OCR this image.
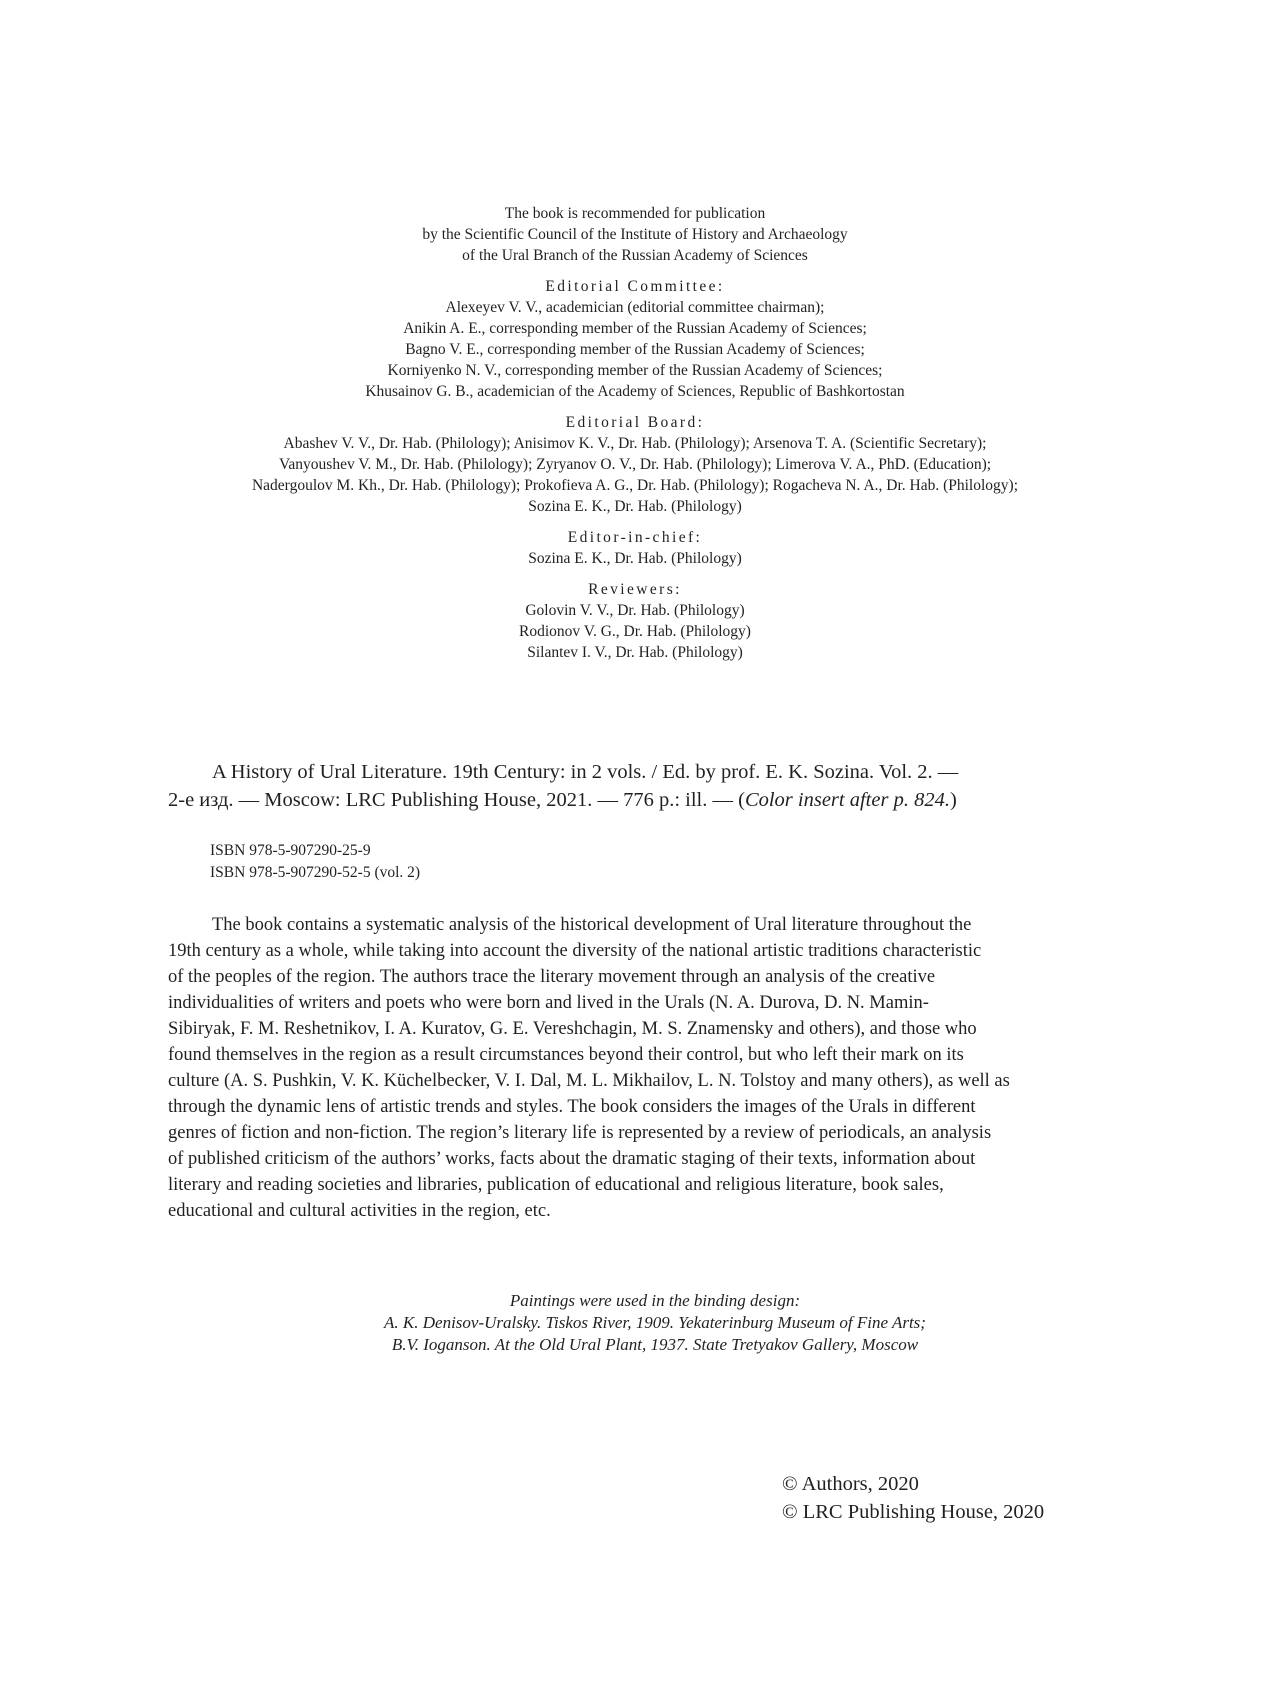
The book is recommended for publication
by the Scientific Council of the Institute of History and Archaeology
of the Ural Branch of the Russian Academy of Sciences
Editorial Committee:
Alexeyev V. V., academician (editorial committee chairman);
Anikin A. E., corresponding member of the Russian Academy of Sciences;
Bagno V. E., corresponding member of the Russian Academy of Sciences;
Korniyenko N. V., corresponding member of the Russian Academy of Sciences;
Khusainov G. B., academician of the Academy of Sciences, Republic of Bashkortostan
Editorial Board:
Abashev V. V., Dr. Hab. (Philology); Anisimov K. V., Dr. Hab. (Philology); Arsenova T. A. (Scientific Secretary);
Vanyoushev V. M., Dr. Hab. (Philology); Zyryanov O. V., Dr. Hab. (Philology); Limerova V. A., PhD. (Education);
Nadergoulov M. Kh., Dr. Hab. (Philology); Prokofieva A. G., Dr. Hab. (Philology); Rogacheva N. A., Dr. Hab. (Philology);
Sozina E. K., Dr. Hab. (Philology)
Editor-in-chief:
Sozina E. K., Dr. Hab. (Philology)
Reviewers:
Golovin V. V., Dr. Hab. (Philology)
Rodionov V. G., Dr. Hab. (Philology)
Silantev I. V., Dr. Hab. (Philology)
A History of Ural Literature. 19th Century: in 2 vols. / Ed. by prof. E. K. Sozina. Vol. 2. —
2-е изд. — Moscow: LRC Publishing House, 2021. — 776 p.: ill. — (Color insert after p. 824.)
ISBN 978-5-907290-25-9
ISBN 978-5-907290-52-5 (vol. 2)
The book contains a systematic analysis of the historical development of Ural literature throughout the
19th century as a whole, while taking into account the diversity of the national artistic traditions characteristic
of the peoples of the region. The authors trace the literary movement through an analysis of the creative
individualities of writers and poets who were born and lived in the Urals (N. A. Durova, D. N. Mamin-
Sibiryak, F. M. Reshetnikov, I. A. Kuratov, G. E. Vereshchagin, M. S. Znamensky and others), and those who
found themselves in the region as a result circumstances beyond their control, but who left their mark on its
culture (A. S. Pushkin, V. K. Küchelbecker, V. I. Dal, M. L. Mikhailov, L. N. Tolstoy and many others), as well as
through the dynamic lens of artistic trends and styles. The book considers the images of the Urals in different
genres of fiction and non-fiction. The region’s literary life is represented by a review of periodicals, an analysis
of published criticism of the authors’ works, facts about the dramatic staging of their texts, information about
literary and reading societies and libraries, publication of educational and religious literature, book sales,
educational and cultural activities in the region, etc.
Paintings were used in the binding design:
A. K. Denisov-Uralsky. Tiskos River, 1909. Yekaterinburg Museum of Fine Arts;
B.V. Ioganson. At the Old Ural Plant, 1937. State Tretyakov Gallery, Moscow
© Authors, 2020
© LRC Publishing House, 2020
